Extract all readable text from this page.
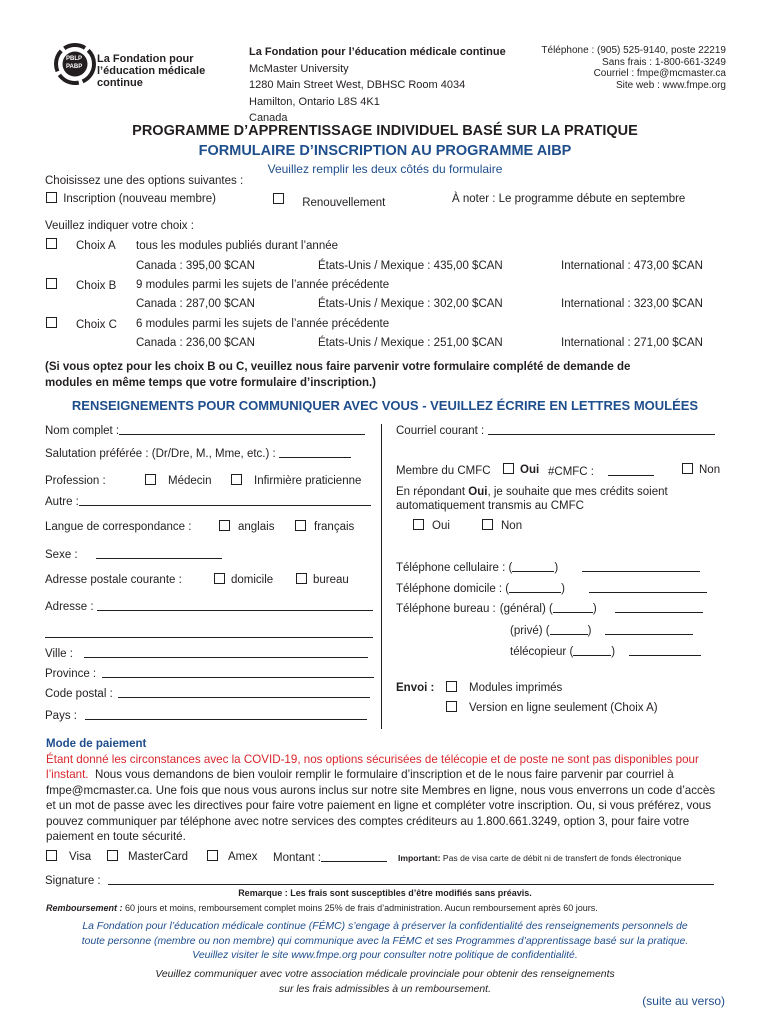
PBLP
PABP
La Fondation pour
l’éducation médicale
continue
La Fondation pour l’éducation médicale continue
McMaster University
1280 Main Street West, DBHSC Room 4034
Hamilton, Ontario L8S 4K1
Canada
Téléphone : (905) 525-9140, poste 22219
Sans frais : 1-800-661-3249
Courriel : fmpe@mcmaster.ca
Site web : www.fmpe.org
PROGRAMME D’APPRENTISSAGE INDIVIDUEL BASÉ SUR LA PRATIQUE
FORMULAIRE D’INSCRIPTION AU PROGRAMME AIBP
Veuillez remplir les deux côtés du formulaire
Choisissez une des options suivantes :
Inscription (nouveau membre)	Renouvellement	À noter : Le programme débute en septembre
Veuillez indiquer votre choix :
Choix A tous les modules publiés durant l’année
Canada : 395,00 $CAN	États-Unis / Mexique : 435,00 $CAN	International : 473,00 $CAN
Choix B 9 modules parmi les sujets de l’année précédente
Canada : 287,00 $CAN	États-Unis / Mexique : 302,00 $CAN	International : 323,00 $CAN
Choix C 6 modules parmi les sujets de l’année précédente
Canada : 236,00 $CAN	États-Unis / Mexique : 251,00 $CAN	International : 271,00 $CAN
(Si vous optez pour les choix B ou C, veuillez nous faire parvenir votre formulaire complété de demande de
modules en même temps que votre formulaire d’inscription.)
RENSEIGNEMENTS POUR COMMUNIQUER AVEC VOUS - VEUILLEZ ÉCRIRE EN LETTRES MOULÉES
Nom complet :
Salutation préférée : (Dr/Dre, M., Mme, etc.) :
Profession :	Médecin	Infirmière praticienne
Autre :
Langue de correspondance :	anglais	français
Sexe :
Adresse postale courante :	domicile	bureau
Adresse :
Ville :
Province :
Code postal :
Pays :
Courriel courant :
Membre du CMFC	Oui #CMFC :	Non
En répondant Oui, je souhaite que mes crédits soient
automatiquement transmis au CMFC
Oui	Non
Téléphone cellulaire : (	)
Téléphone domicile : (	)
Téléphone bureau : (général) (	)
(privé) (	)
télécopieur (	)
Envoi :	Modules imprimés
Version en ligne seulement (Choix A)
Mode de paiement
Étant donné les circonstances avec la COVID-19, nos options sécurisées de télécopie et de poste ne sont pas disponibles pour l’instant. Nous vous demandons de bien vouloir remplir le formulaire d’inscription et de le nous faire parvenir par courriel à fmpe@mcmaster.ca. Une fois que nous vous aurons inclus sur notre site Membres en ligne, nous vous enverrons un code d’accès et un mot de passe avec les directives pour faire votre paiement en ligne et compléter votre inscription. Ou, si vous préférez, vous pouvez communiquer par téléphone avec notre services des comptes créditeurs au 1.800.661.3249, option 3, pour faire votre paiement en toute sécurité.
Visa	MasterCard	Amex Montant :	Important: Pas de visa carte de débit ni de transfert de fonds électronique
Signature :
Remarque : Les frais sont susceptibles d’être modifiés sans préavis.
Remboursement : 60 jours et moins, remboursement complet moins 25% de frais d’administration. Aucun remboursement après 60 jours.
La Fondation pour l’éducation médicale continue (FÉMC) s’engage à préserver la confidentialité des renseignements personnels de
toute personne (membre ou non membre) qui communique avec la FÉMC et ses Programmes d’apprentissage basé sur la pratique.
Veuillez visiter le site www.fmpe.org pour consulter notre politique de confidentialité.
Veuillez communiquer avec votre association médicale provinciale pour obtenir des renseignements
sur les frais admissibles à un remboursement.
(suite au verso)
